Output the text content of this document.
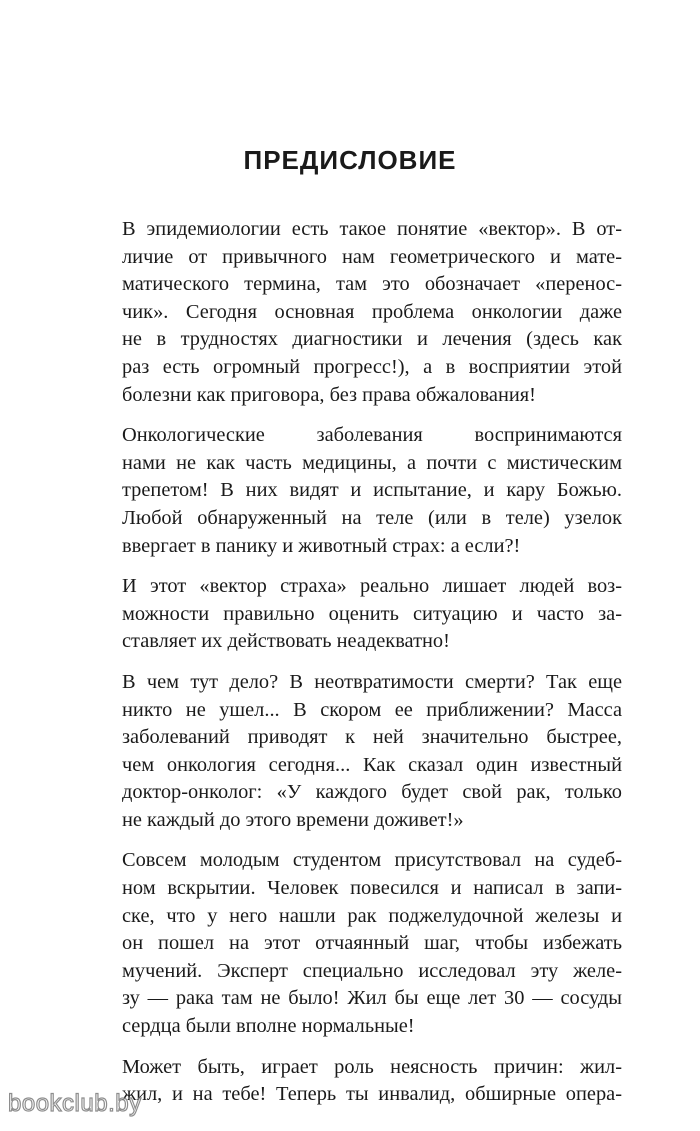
ПРЕДИСЛОВИЕ

В эпидемиологии есть такое понятие «вектор». В от-
личие от привычного нам геометрического и мате-
матического термина, там это обозначает «перенос-
чик». Сегодня основная проблема онкологии даже
не в трудностях диагностики и лечения (здесь как
раз есть огромный прогресс!), а в восприятии этой
болезни как приговора, без права обжалования!

Онкологические заболевания воспринимаются
нами не как часть медицины, а почти с мистическим
трепетом! В них видят и испытание, и кару Божью.
Любой обнаруженный на теле (или в теле) узелок
ввергает в панику и животный страх: а если?!

И этот «вектор страха» реально лишает людей воз-
можности правильно оценить ситуацию и часто за-
ставляет их действовать неадекватно!

В чем тут дело? В неотвратимости смерти? Так еще
никто не ушел... В скором ее приближении? Масса
заболеваний приводят к ней значительно быстрее,
чем онкология сегодня... Как сказал один известный
доктор-онколог: «У каждого будет свой рак, только
не каждый до этого времени доживет!»

Совсем молодым студентом присутствовал на судеб-
ном вскрытии. Человек повесился и написал в запи-
ске, что у него нашли рак поджелудочной железы и
он пошел на этот отчаянный шаг, чтобы избежать
мучений. Эксперт специально исследовал эту желе-
зу — рака там не было! Жил бы еще лет 30 — сосуды
сердца были вполне нормальные!

Может быть, играет роль неясность причин: жил-
жил, и на тебе! Теперь ты инвалид, обширные опера-

bookclub.by
